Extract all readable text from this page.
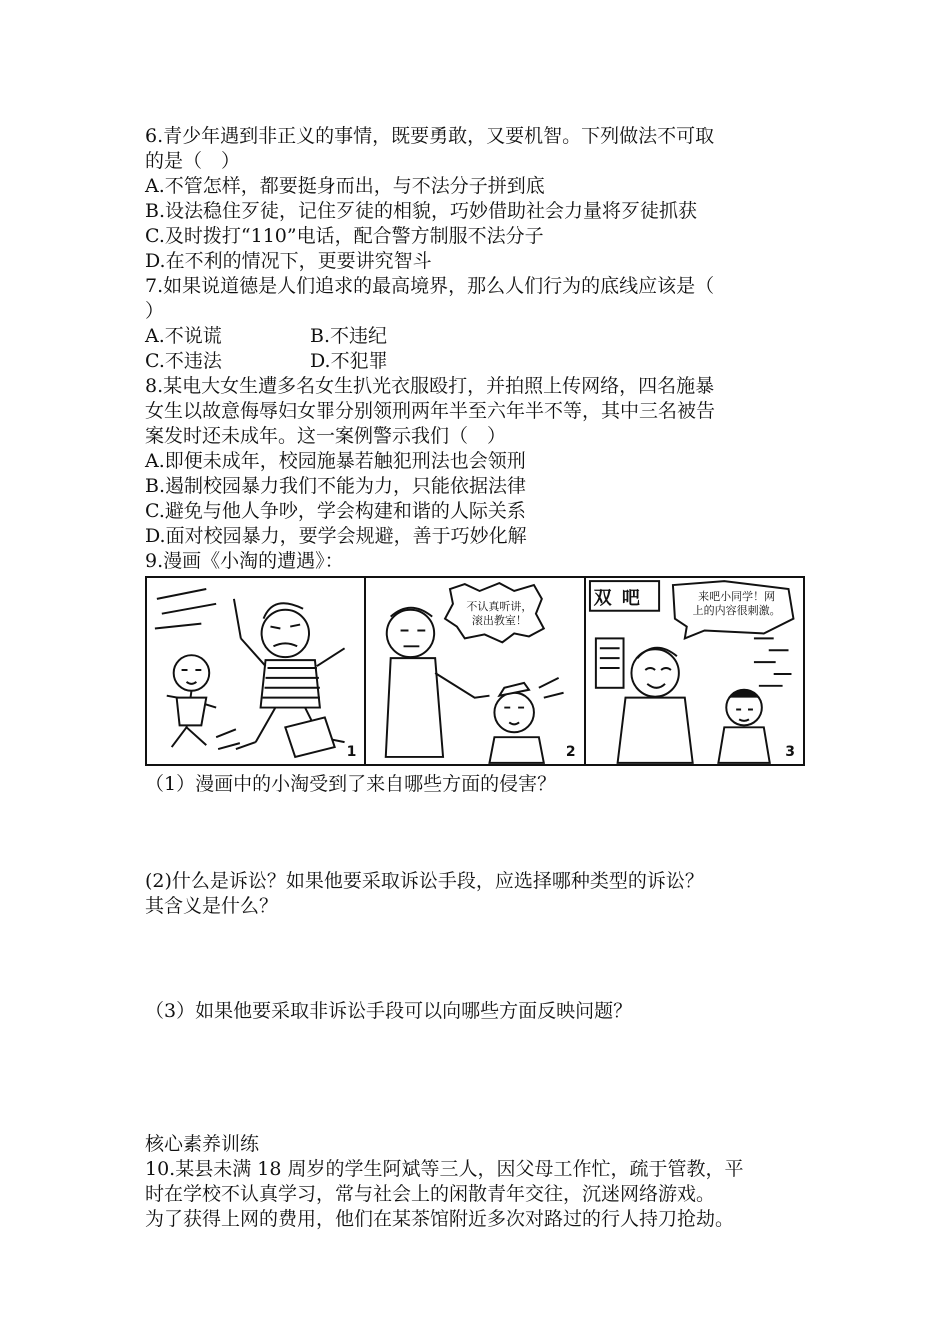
6.青少年遇到非正义的事情，既要勇敢，又要机智。下列做法不可取
的是（　）
A.不管怎样，都要挺身而出，与不法分子拼到底
B.设法稳住歹徒，记住歹徒的相貌，巧妙借助社会力量将歹徒抓获
C.及时拨打“110”电话，配合警方制服不法分子
D.在不利的情况下，更要讲究智斗
7.如果说道德是人们追求的最高境界，那么人们行为的底线应该是（
）
A.不说谎	B.不违纪
C.不违法	D.不犯罪
8.某电大女生遭多名女生扒光衣服殴打，并拍照上传网络，四名施暴
女生以故意侮辱妇女罪分别领刑两年半至六年半不等，其中三名被告
案发时还未成年。这一案例警示我们（　）
A.即便未成年，校园施暴若触犯刑法也会领刑
B.遏制校园暴力我们不能为力，只能依据法律
C.避免与他人争吵，学会构建和谐的人际关系
D.面对校园暴力，要学会规避，善于巧妙化解
9.漫画《小淘的遭遇》：
1
不认真听讲，
滚出教室！
2
双 吧	来吧小同学！网
上的内容很刺激。
3
（1）漫画中的小淘受到了来自哪些方面的侵害？
(2)什么是诉讼？如果他要采取诉讼手段，应选择哪种类型的诉讼？
其含义是什么？
（3）如果他要采取非诉讼手段可以向哪些方面反映问题？
核心素养训练
10.某县未满 18 周岁的学生阿斌等三人，因父母工作忙，疏于管教，平
时在学校不认真学习，常与社会上的闲散青年交往，沉迷网络游戏。
为了获得上网的费用，他们在某茶馆附近多次对路过的行人持刀抢劫。
